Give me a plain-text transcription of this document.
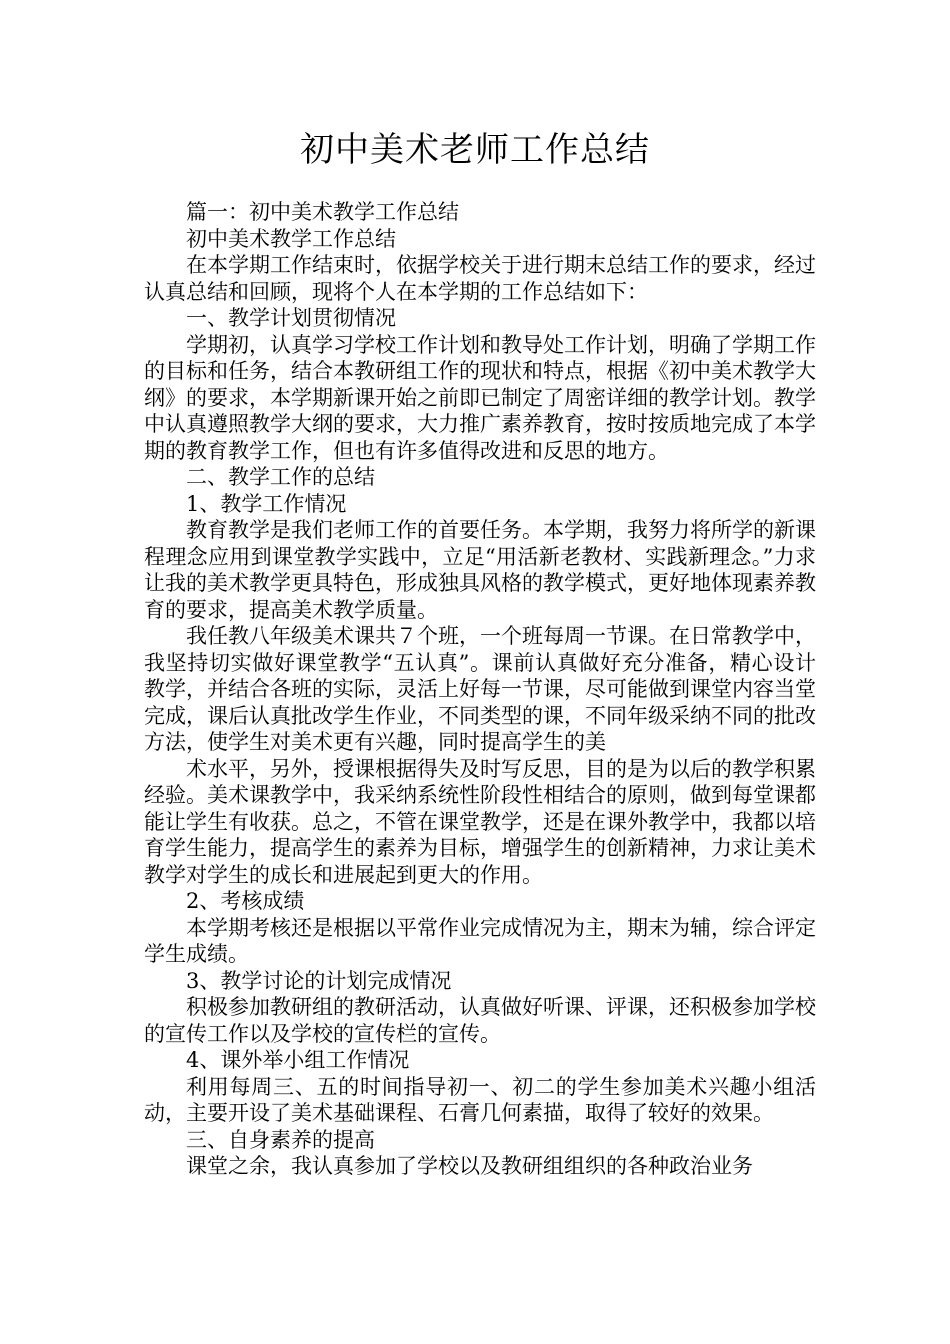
初中美术老师工作总结

篇一：初中美术教学工作总结

初中美术教学工作总结

在本学期工作结束时，依据学校关于进行期末总结工作的要求，经过认真总结和回顾，现将个人在本学期的工作总结如下：

一、教学计划贯彻情况

学期初，认真学习学校工作计划和教导处工作计划，明确了学期工作的目标和任务，结合本教研组工作的现状和特点，根据《初中美术教学大纲》的要求，本学期新课开始之前即已制定了周密详细的教学计划。教学中认真遵照教学大纲的要求，大力推广素养教育，按时按质地完成了本学期的教育教学工作，但也有许多值得改进和反思的地方。

二、教学工作的总结

1、教学工作情况

教育教学是我们老师工作的首要任务。本学期，我努力将所学的新课程理念应用到课堂教学实践中，立足“用活新老教材、实践新理念。”力求让我的美术教学更具特色，形成独具风格的教学模式，更好地体现素养教育的要求，提高美术教学质量。

我任教八年级美术课共７个班，一个班每周一节课。在日常教学中，我坚持切实做好课堂教学“五认真”。课前认真做好充分准备，精心设计教学，并结合各班的实际，灵活上好每一节课，尽可能做到课堂内容当堂完成，课后认真批改学生作业，不同类型的课，不同年级采纳不同的批改方法，使学生对美术更有兴趣，同时提高学生的美

术水平，另外，授课根据得失及时写反思，目的是为以后的教学积累经验。美术课教学中，我采纳系统性阶段性相结合的原则，做到每堂课都能让学生有收获。总之，不管在课堂教学，还是在课外教学中，我都以培育学生能力，提高学生的素养为目标，增强学生的创新精神，力求让美术教学对学生的成长和进展起到更大的作用。

2、考核成绩

本学期考核还是根据以平常作业完成情况为主，期末为辅，综合评定学生成绩。

3、教学讨论的计划完成情况

积极参加教研组的教研活动，认真做好听课、评课，还积极参加学校的宣传工作以及学校的宣传栏的宣传。

4、课外举小组工作情况

利用每周三、五的时间指导初一、初二的学生参加美术兴趣小组活动，主要开设了美术基础课程、石膏几何素描，取得了较好的效果。

三、自身素养的提高

课堂之余，我认真参加了学校以及教研组组织的各种政治业务
